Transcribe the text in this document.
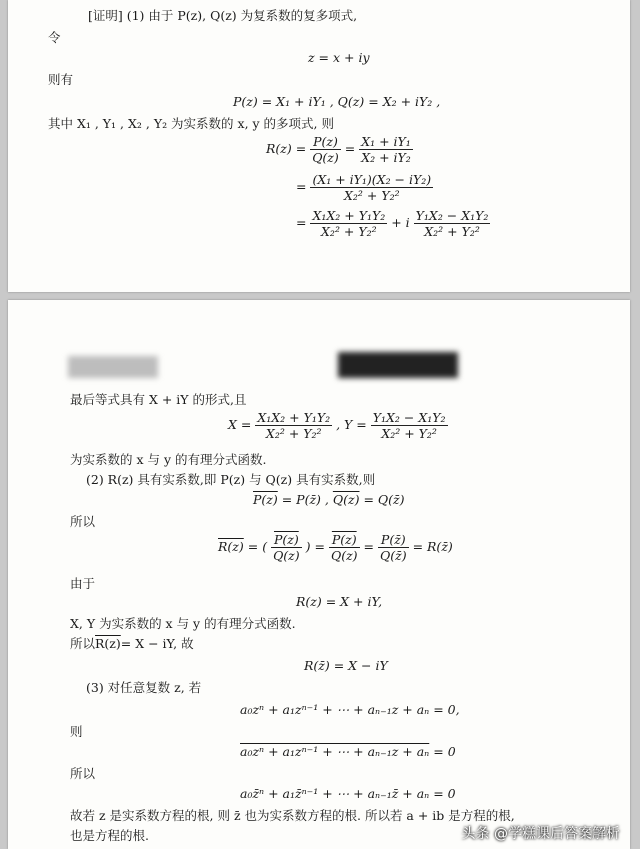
[证明] (1) 由于 P(z), Q(z) 为复系数的复多项式,
令
z = x + iy
则有
P(z) = X₁ + iY₁ , Q(z) = X₂ + iY₂ ,
其中 X₁ , Y₁ , X₂ , Y₂ 为实系数的 x, y 的多项式, 则
$R(z) = \frac{P(z)}{Q(z)} = \frac{\text{X₁ + iY₁}}{\text{X₂ + iY₂}}$
= $\frac{\text{(X₁ + iY₁)(X₂ − iY₂)}}{\text{X₂² + Y₂²}}$
= $\frac{\text{X₁X₂ + Y₁Y₂}}{\text{X₂² + Y₂²}} + i \frac{\text{Y₁X₂ − X₁Y₂}}{\text{X₂² + Y₂²}}$
最后等式具有 X + iY 的形式,且
$X = \frac{\text{X₁X₂ + Y₁Y₂}}{\text{X₂² + Y₂²}}$ , $Y = \frac{\text{Y₁X₂ − X₁Y₂}}{\text{X₂² + Y₂²}}$
为实系数的 x 与 y 的有理分式函数.
(2) R(z) 具有实系数,即 P(z) 与 Q(z) 具有实系数,则
P(z) = P(z̄) , Q(z) = Q(z̄)
所以
R(z) = ( $\frac{P(z)}{Q(z)}$ ) = $\frac{P(z)}{Q(z)} = \frac{P(z̄)}{Q(z̄)}$ = R(z̄)
由于
R(z) = X + iY,
X, Y 为实系数的 x 与 y 的有理分式函数.
所以R(z)= X − iY, 故
R(z̄) = X − iY
(3) 对任意复数 z, 若
a₀zⁿ + a₁zⁿ⁻¹ + ⋯ + aₙ₋₁z + aₙ = 0,
则
a₀zⁿ + a₁zⁿ⁻¹ + ⋯ + aₙ₋₁z + aₙ = 0
所以
a₀z̄ⁿ + a₁z̄ⁿ⁻¹ + ⋯ + aₙ₋₁z̄ + aₙ = 0
故若 z 是实系数方程的根, 则 z̄ 也为实系数方程的根. 所以若 a + ib 是方程的根,
也是方程的根.	头条 @学糕课后答案解析
